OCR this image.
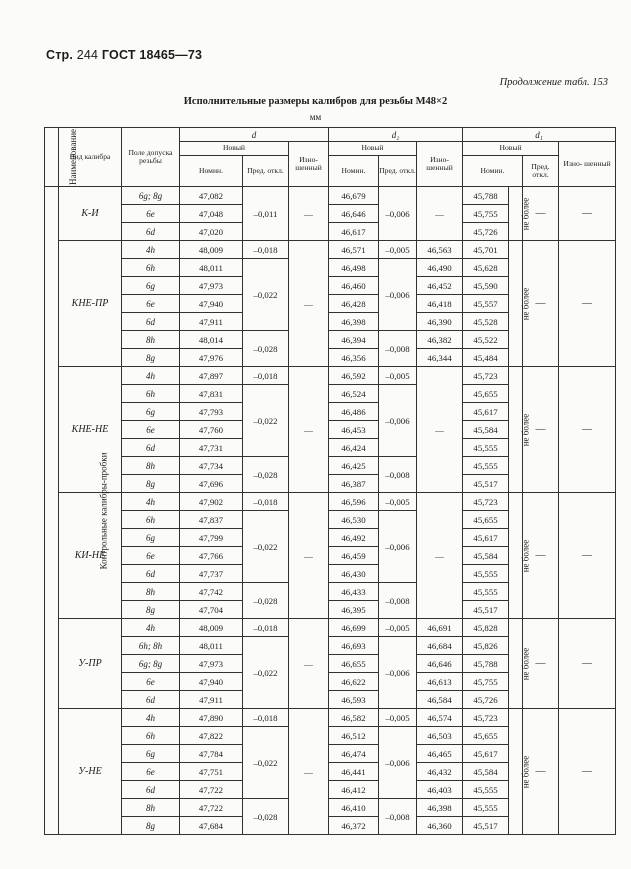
Стр. 244 ГОСТ 18465—73
Продолжение табл. 153
Исполнительные размеры калибров для резьбы М48×2
мм
Наименование	Вид калибра	Поле допуска резьбы	d			d₂			d₁			
			Новый		Изно- шенный	Новый		Изно- шенный	Новый			Изно- шенный
			Номин.	Пред. откл.		Номин.	Пред. откл.		Номин.		Пред. откл.	
Контрольные калибры-пробки	К-И	6g; 8g	47,082	–0,011	—	46,679	–0,006	—	45,788	не более	—	—
		6e	47,048			46,646			45,755			
		6d	47,020			46,617			45,726			
	КНЕ-ПР	4h	48,009	–0,018	—	46,571	–0,005	46,563	45,701	не более	—	—
		6h	48,011	–0,022		46,498	–0,006	46,490	45,628			
		6g	47,973			46,460		46,452	45,590			
		6e	47,940			46,428		46,418	45,557			
		6d	47,911			46,398		46,390	45,528			
		8h	48,014	–0,028		46,394	–0,008	46,382	45,522			
		8g	47,976			46,356		46,344	45,484			
	КНЕ-НЕ	4h	47,897	–0,018	—	46,592	–0,005	—	45,723	не более	—	—
		6h	47,831	–0,022		46,524	–0,006		45,655			
		6g	47,793			46,486			45,617			
		6e	47,760			46,453			45,584			
		6d	47,731			46,424			45,555			
		8h	47,734	–0,028		46,425	–0,008		45,555			
		8g	47,696			46,387			45,517			
	КИ-НЕ	4h	47,902	–0,018	—	46,596	–0,005	—	45,723	не более	—	—
		6h	47,837	–0,022		46,530	–0,006		45,655			
		6g	47,799			46,492			45,617			
		6e	47,766			46,459			45,584			
		6d	47,737			46,430			45,555			
		8h	47,742	–0,028		46,433	–0,008		45,555			
		8g	47,704			46,395			45,517			
	У-ПР	4h	48,009	–0,018	—	46,699	–0,005	46,691	45,828	не более	—	—
		6h; 8h	48,011	–0,022		46,693	–0,006	46,684	45,826			
		6g; 8g	47,973			46,655		46,646	45,788			
		6e	47,940			46,622		46,613	45,755			
		6d	47,911			46,593		46,584	45,726			
	У-НЕ	4h	47,890	–0,018	—	46,582	–0,005	46,574	45,723	не более	—	—
		6h	47,822	–0,022		46,512	–0,006	46,503	45,655			
		6g	47,784			46,474		46,465	45,617			
		6e	47,751			46,441		46,432	45,584			
		6d	47,722			46,412		46,403	45,555			
		8h	47,722	–0,028		46,410	–0,008	46,398	45,555			
		8g	47,684			46,372		46,360	45,517			
